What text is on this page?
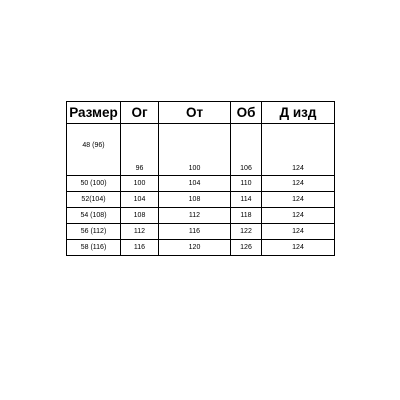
Размер	Ог	От	Об	Д изд
48 (96)	96	100	106	124
50 (100)	100	104	110	124
52(104)	104	108	114	124
54 (108)	108	112	118	124
56 (112)	112	116	122	124
58 (116)	116	120	126	124
